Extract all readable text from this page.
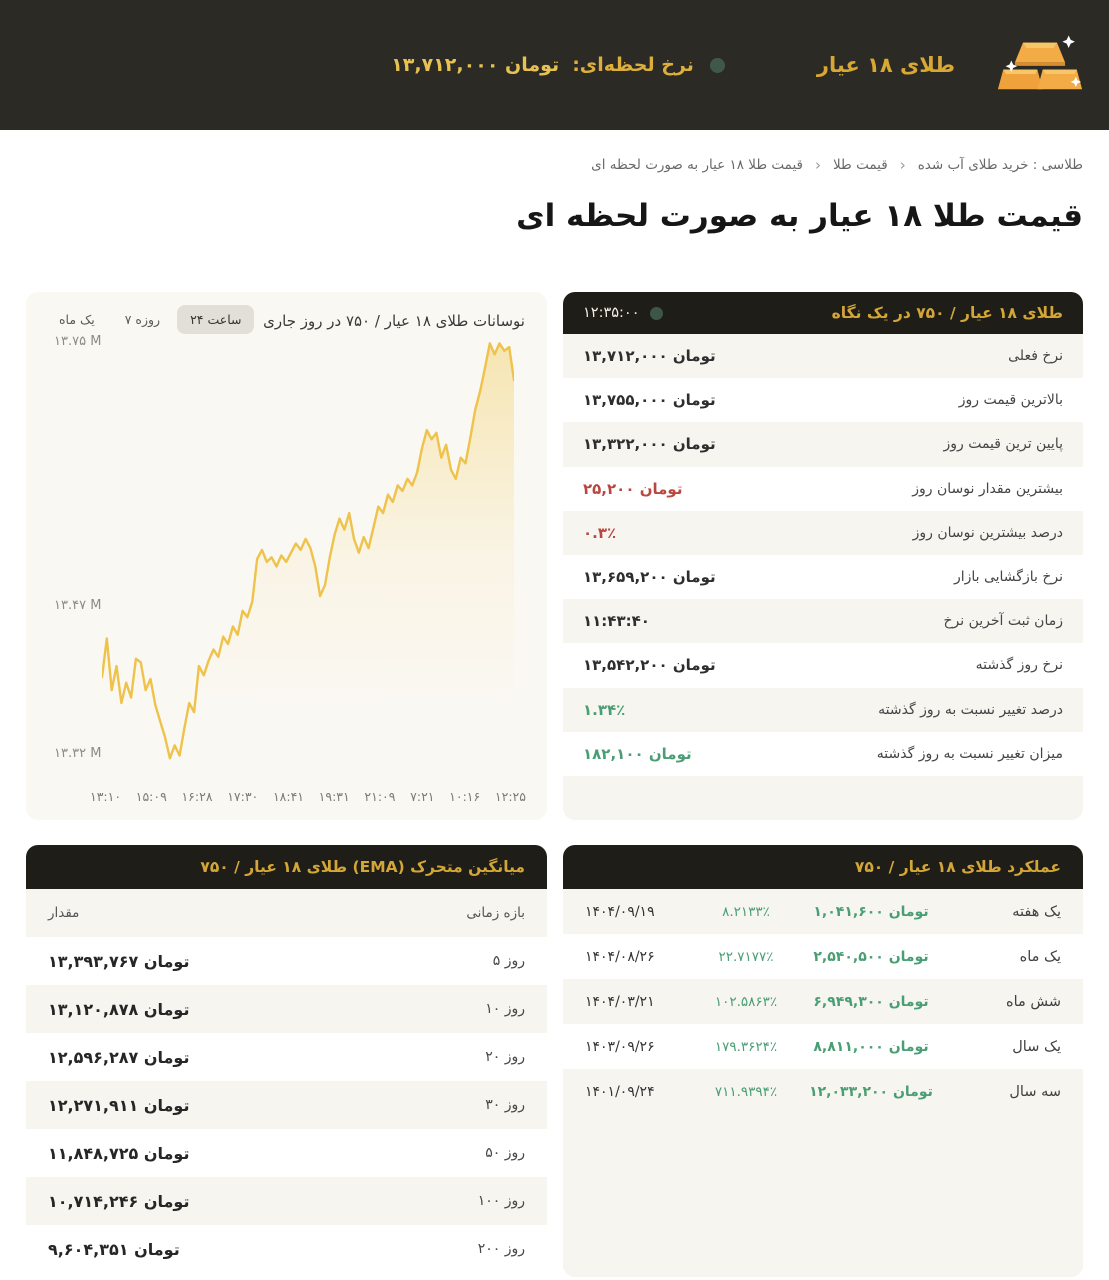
طلای ۱۸ عیار
نرخ لحظه‌ای:
۱۳,۷۱۲,۰۰۰ تومان
طلاسی : خرید طلای آب شده
‹
قیمت طلا
‹
قیمت طلا ۱۸ عیار به صورت لحظه ای
قیمت طلا ۱۸ عیار به صورت لحظه ای
طلای ۱۸ عیار / ۷۵۰ در یک نگاه
۱۲:۳۵:۰۰
نرخ فعلی
۱۳,۷۱۲,۰۰۰ تومان
بالاترین قیمت روز
۱۳,۷۵۵,۰۰۰ تومان
پایین ترین قیمت روز
۱۳,۳۲۲,۰۰۰ تومان
بیشترین مقدار نوسان روز
۲۵,۲۰۰ تومان
درصد بیشترین نوسان روز
۰.۳٪
نرخ بازگشایی بازار
۱۳,۶۵۹,۲۰۰ تومان
زمان ثبت آخرین نرخ
۱۱:۴۳:۴۰
نرخ روز گذشته
۱۳,۵۴۲,۲۰۰ تومان
درصد تغییر نسبت به روز گذشته
۱.۳۴٪
میزان تغییر نسبت به روز گذشته
۱۸۲,۱۰۰ تومان
نوسانات طلای ۱۸ عیار / ۷۵۰ در روز جاری
۲۴ ساعت
۷ روزه
یک ماه
۱۳.۷۵ M
۱۳.۴۷ M
۱۳.۳۲ M
۱۳:۱۰ ۱۵:۰۹ ۱۶:۲۸ ۱۷:۳۰ ۱۸:۴۱ ۱۹:۳۱ ۲۱:۰۹ ۷:۲۱ ۱۰:۱۶ ۱۲:۲۵
عملکرد طلای ۱۸ عیار / ۷۵۰
یک هفته
۱,۰۴۱,۶۰۰ تومان
۸.۲۱۳۳٪
۱۴۰۴/۰۹/۱۹
یک ماه
۲,۵۴۰,۵۰۰ تومان
۲۲.۷۱۷۷٪
۱۴۰۴/۰۸/۲۶
شش ماه
۶,۹۴۹,۳۰۰ تومان
۱۰۲.۵۸۶۳٪
۱۴۰۴/۰۳/۲۱
یک سال
۸,۸۱۱,۰۰۰ تومان
۱۷۹.۳۶۲۴٪
۱۴۰۳/۰۹/۲۶
سه سال
۱۲,۰۳۳,۲۰۰ تومان
۷۱۱.۹۳۹۴٪
۱۴۰۱/۰۹/۲۴
میانگین متحرک (EMA) طلای ۱۸ عیار / ۷۵۰
بازه زمانی
مقدار
۵ روز
۱۳,۳۹۳,۷۶۷ تومان
۱۰ روز
۱۳,۱۲۰,۸۷۸ تومان
۲۰ روز
۱۲,۵۹۶,۲۸۷ تومان
۳۰ روز
۱۲,۲۷۱,۹۱۱ تومان
۵۰ روز
۱۱,۸۴۸,۷۲۵ تومان
۱۰۰ روز
۱۰,۷۱۴,۲۴۶ تومان
۲۰۰ روز
۹,۶۰۴,۳۵۱ تومان
